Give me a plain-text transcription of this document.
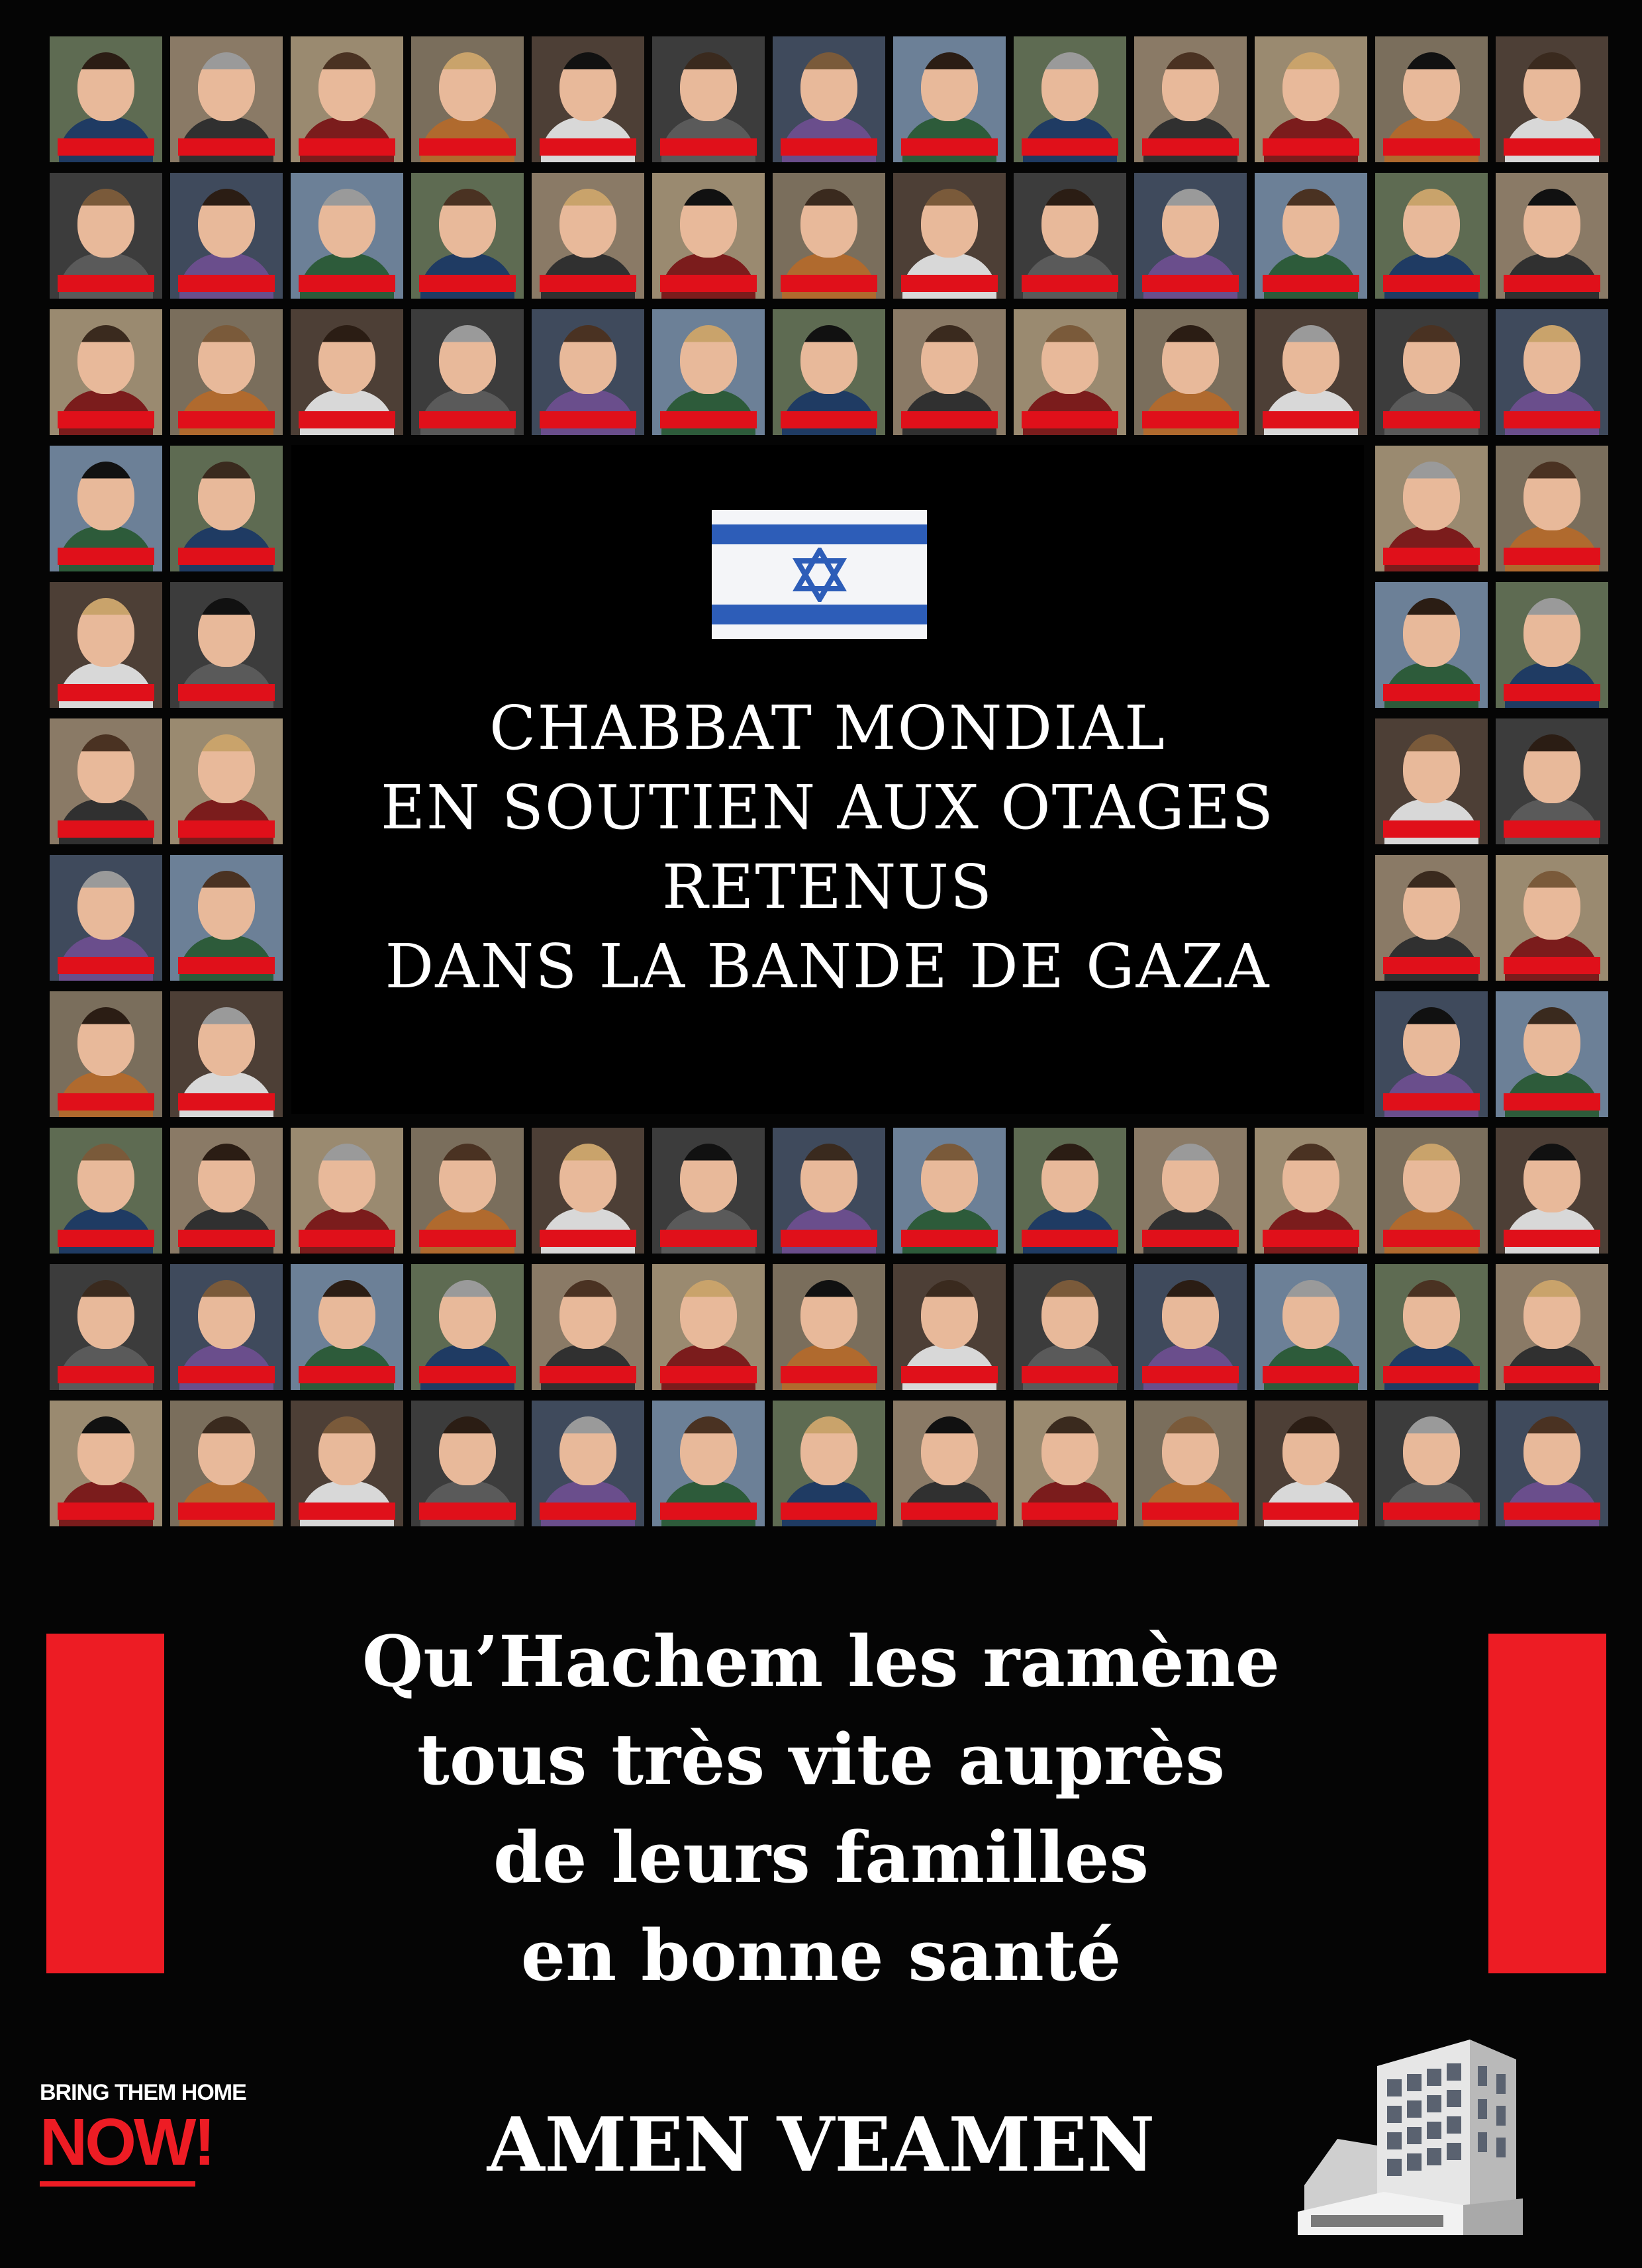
CHABBAT MONDIAL
EN SOUTIEN AUX OTAGES
RETENUS
DANS LA BANDE DE GAZA
Qu’Hachem les ramène
tous très vite auprès
de leurs familles
en bonne santé
AMEN VEAMEN
BRING THEM HOME
NOW!
